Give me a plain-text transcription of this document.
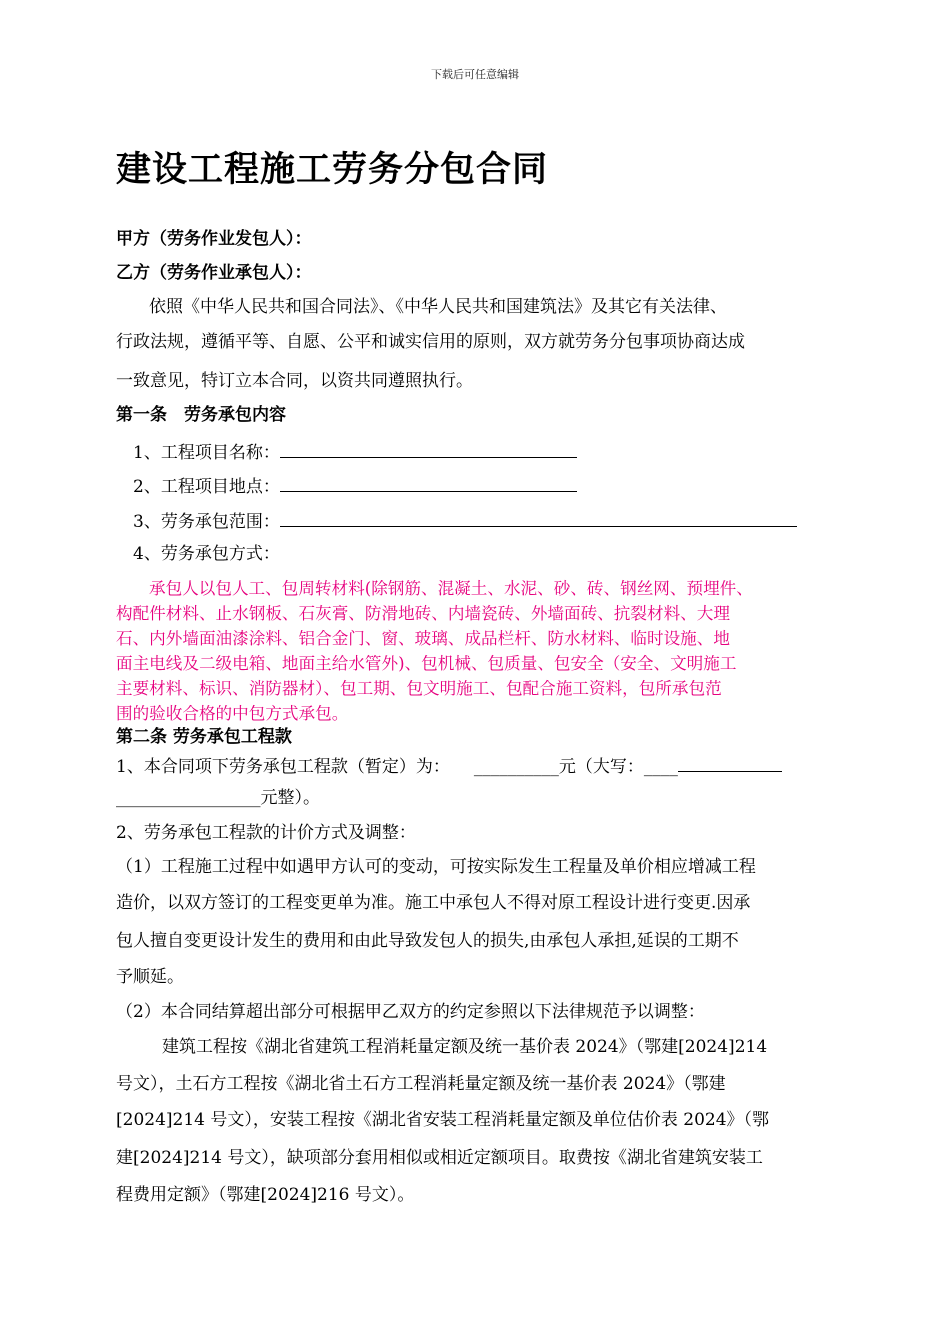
下载后可任意编辑
建设工程施工劳务分包合同
甲方（劳务作业发包人）：
乙方（劳务作业承包人）：
依照《中华人民共和国合同法》、《中华人民共和国建筑法》及其它有关法律、
行政法规，遵循平等、自愿、公平和诚实信用的原则，双方就劳务分包事项协商达成
一致意见，特订立本合同，以资共同遵照执行。
第一条　劳务承包内容
1、工程项目名称：
2、工程项目地点：
3、劳务承包范围：
4、劳务承包方式：
承包人以包人工、包周转材料(除钢筋、混凝土、水泥、砂、砖、钢丝网、预埋件、
构配件材料、止水钢板、石灰膏、防滑地砖、内墙瓷砖、外墙面砖、抗裂材料、大理
石、内外墙面油漆涂料、铝合金门、窗、玻璃、成品栏杆、防水材料、临时设施、地
面主电线及二级电箱、地面主给水管外)、包机械、包质量、包安全（安全、文明施工
主要材料、标识、消防器材）、包工期、包文明施工、包配合施工资料，包所承包范
围的验收合格的中包方式承包。
第二条 劳务承包工程款
1、本合同项下劳务承包工程款（暂定）为： __________元（大写：____
_________________元整）。
2、劳务承包工程款的计价方式及调整：
（1）工程施工过程中如遇甲方认可的变动，可按实际发生工程量及单价相应增减工程
造价，以双方签订的工程变更单为准。施工中承包人不得对原工程设计进行变更.因承
包人擅自变更设计发生的费用和由此导致发包人的损失,由承包人承担,延误的工期不
予顺延。
（2）本合同结算超出部分可根据甲乙双方的约定参照以下法律规范予以调整：
建筑工程按《湖北省建筑工程消耗量定额及统一基价表 2024》（鄂建[2024]214
号文），土石方工程按《湖北省土石方工程消耗量定额及统一基价表 2024》（鄂建
[2024]214 号文），安装工程按《湖北省安装工程消耗量定额及单位估价表 2024》（鄂
建[2024]214 号文），缺项部分套用相似或相近定额项目。取费按《湖北省建筑安装工
程费用定额》（鄂建[2024]216 号文）。
